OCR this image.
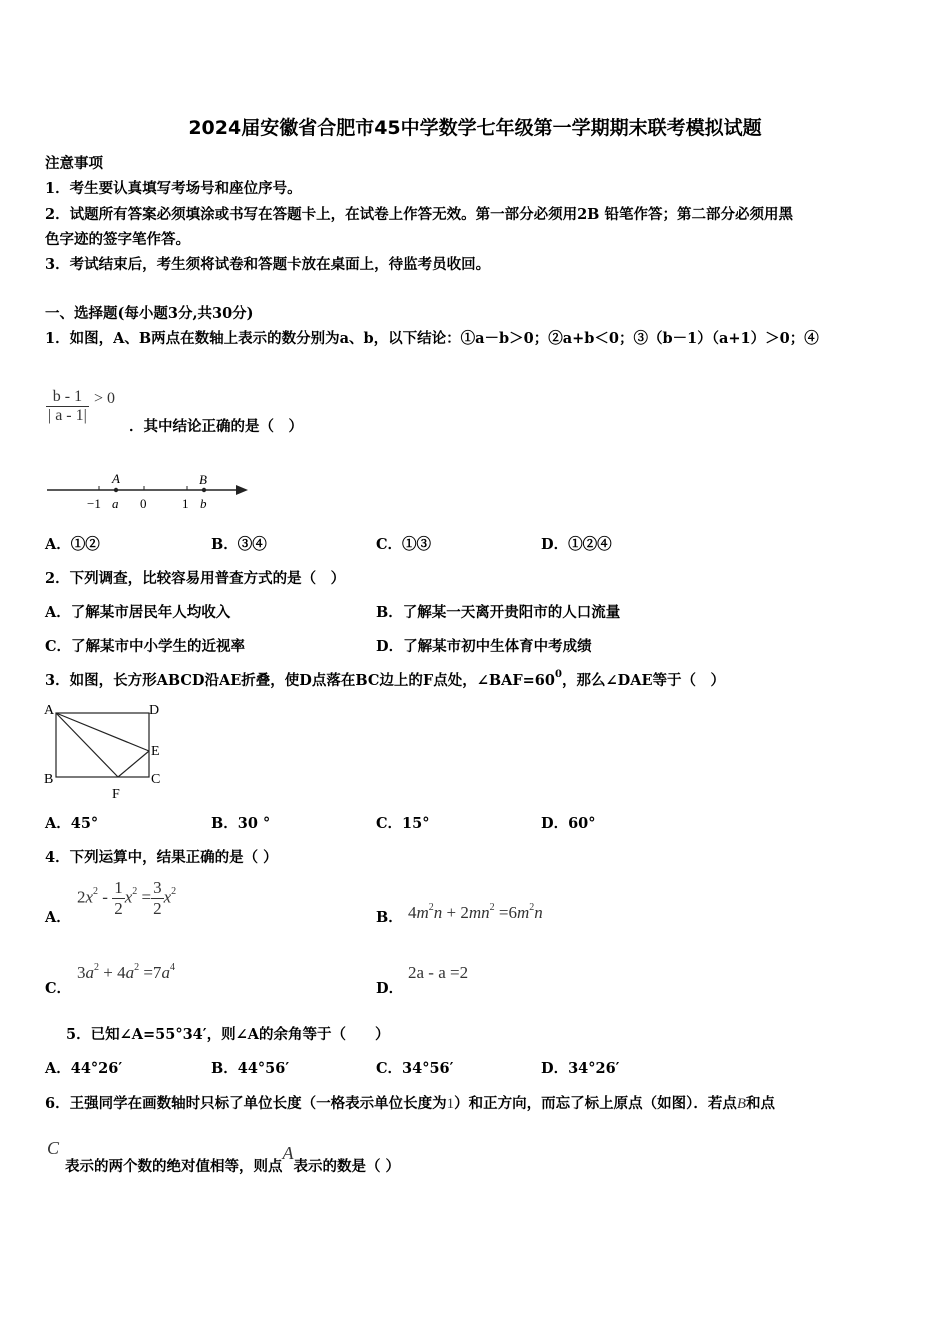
2024届安徽省合肥市45中学数学七年级第一学期期末联考模拟试题
注意事项
1．考生要认真填写考场号和座位序号。
2．试题所有答案必须填涂或书写在答题卡上，在试卷上作答无效。第一部分必须用2B 铅笔作答；第二部分必须用黑
色字迹的签字笔作答。
3．考试结束后，考生须将试卷和答题卡放在桌面上，待监考员收回。
一、选择题(每小题3分,共30分)
1．如图，A、B两点在数轴上表示的数分别为a、b，以下结论：①a－b＞0；②a+b＜0；③（b－1）（a+1）＞0；④
$\frac{b - 1}{| a - 1|} > 0$
．其中结论正确的是（　）
A	B
−1 a 0	1 b
A．①②	B．③④	C．①③	D．①②④
2．下列调查，比较容易用普查方式的是（　）
A．了解某市居民年人均收入	B．了解某一天离开贵阳市的人口流量
C．了解某市中小学生的近视率	D．了解某市初中生体育中考成绩
3．如图，长方形ABCD沿AE折叠，使D点落在BC边上的F点处，$\angle BAF=60^0$，那么∠DAE等于（　）
A	D
E
B	C
F
A．45°	B．30 °	C．15°	D．60°
4．下列运算中，结果正确的是（ ）
A．
$2x^2 - \frac{1}{2} x^2 = \frac{3}{2} x^2$
B． $4m^2n + 2mn^2 =6m^2n$
C．
$3a^2 + 4a^2 =7a^4$
D．
2a - a =2
5．已知∠A=55°34′，则∠A的余角等于（　　）
A．44°26′	B．44°56′	C．34°56′	D．34°26′
6．王强同学在画数轴时只标了单位长度（一格表示单位长度为1）和正方向，而忘了标上原点（如图）．若点B和点
C
表示的两个数的绝对值相等，则点A表示的数是（ ）
